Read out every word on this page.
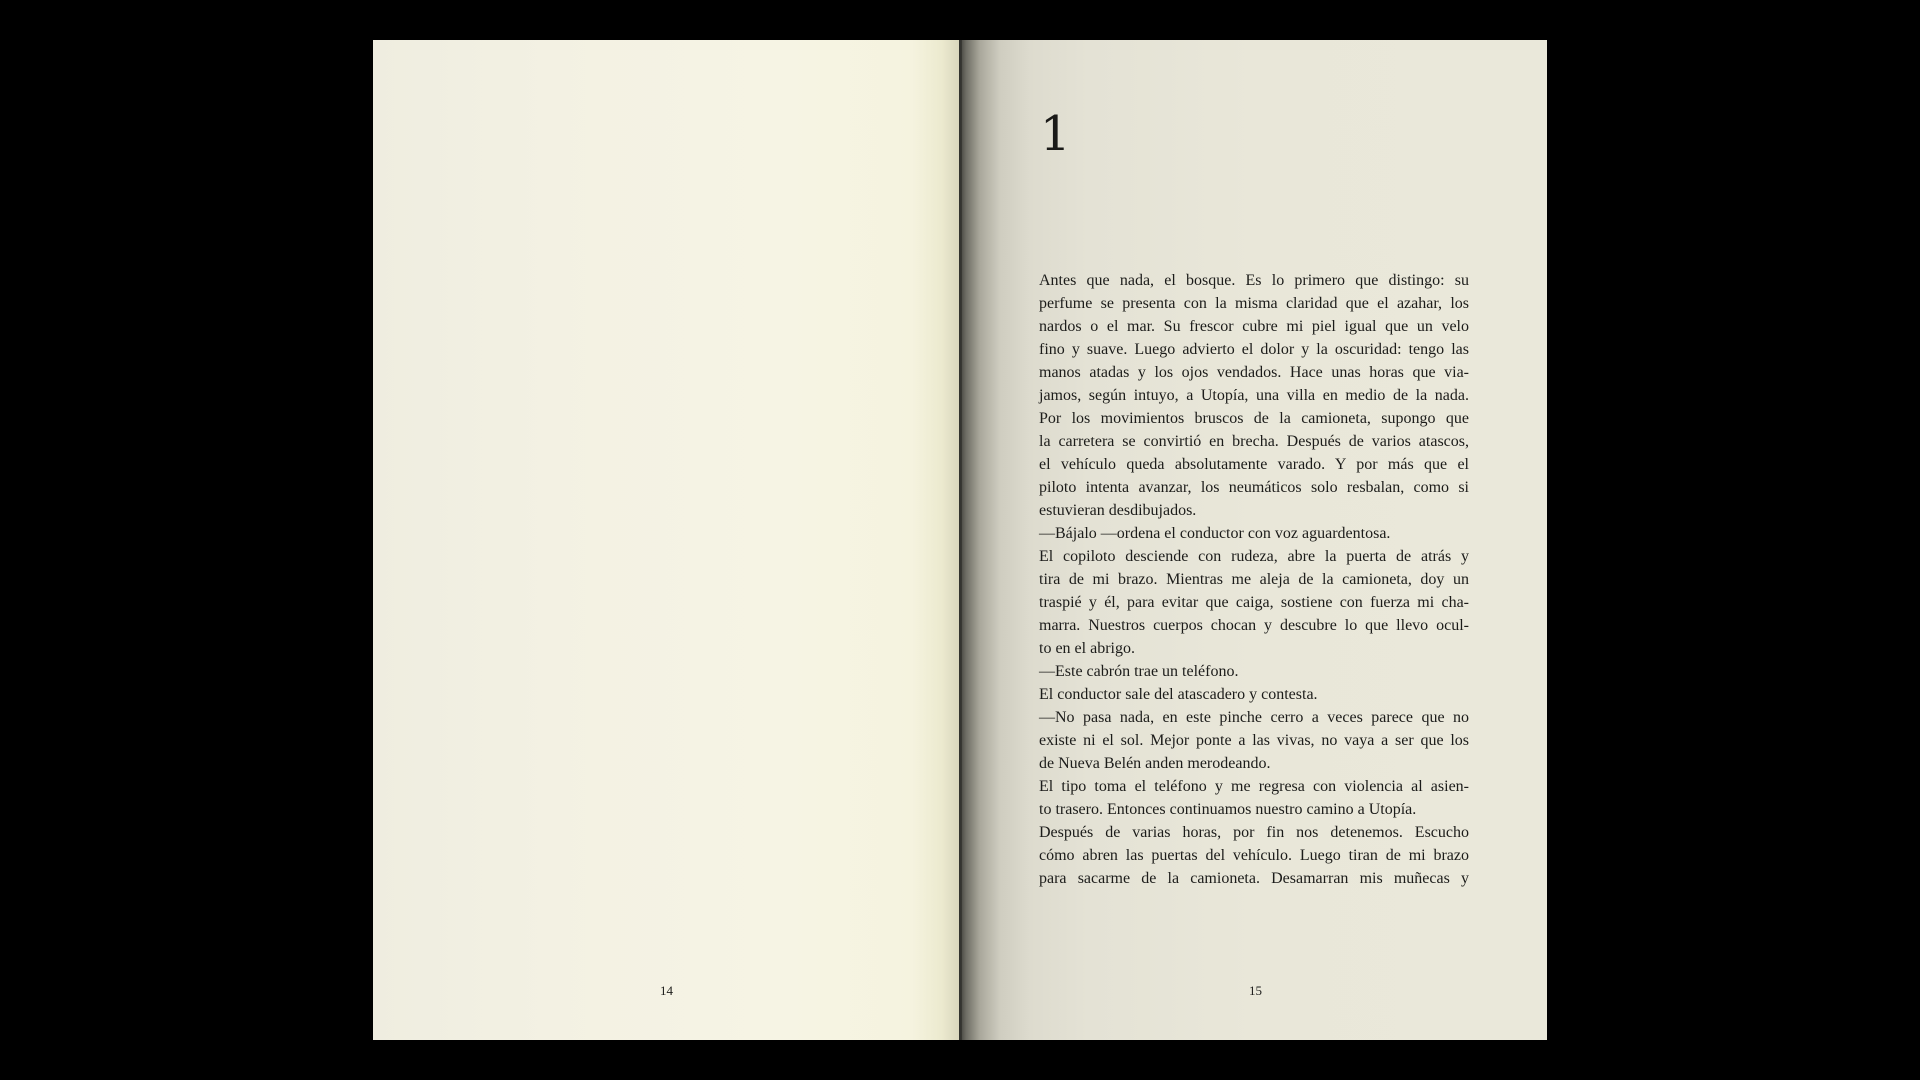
14
1
Antes que nada, el bosque. Es lo primero que distingo: su
perfume se presenta con la misma claridad que el azahar, los
nardos o el mar. Su frescor cubre mi piel igual que un velo
fino y suave. Luego advierto el dolor y la oscuridad: tengo las
manos atadas y los ojos vendados. Hace unas horas que via-
jamos, según intuyo, a Utopía, una villa en medio de la nada.
Por los movimientos bruscos de la camioneta, supongo que
la carretera se convirtió en brecha. Después de varios atascos,
el vehículo queda absolutamente varado. Y por más que el
piloto intenta avanzar, los neumáticos solo resbalan, como si
estuvieran desdibujados.
—Bájalo —ordena el conductor con voz aguardentosa.
El copiloto desciende con rudeza, abre la puerta de atrás y
tira de mi brazo. Mientras me aleja de la camioneta, doy un
traspié y él, para evitar que caiga, sostiene con fuerza mi cha-
marra. Nuestros cuerpos chocan y descubre lo que llevo ocul-
to en el abrigo.
—Este cabrón trae un teléfono.
El conductor sale del atascadero y contesta.
—No pasa nada, en este pinche cerro a veces parece que no
existe ni el sol. Mejor ponte a las vivas, no vaya a ser que los
de Nueva Belén anden merodeando.
El tipo toma el teléfono y me regresa con violencia al asien-
to trasero. Entonces continuamos nuestro camino a Utopía.
Después de varias horas, por fin nos detenemos. Escucho
cómo abren las puertas del vehículo. Luego tiran de mi brazo
para sacarme de la camioneta. Desamarran mis muñecas y
15
